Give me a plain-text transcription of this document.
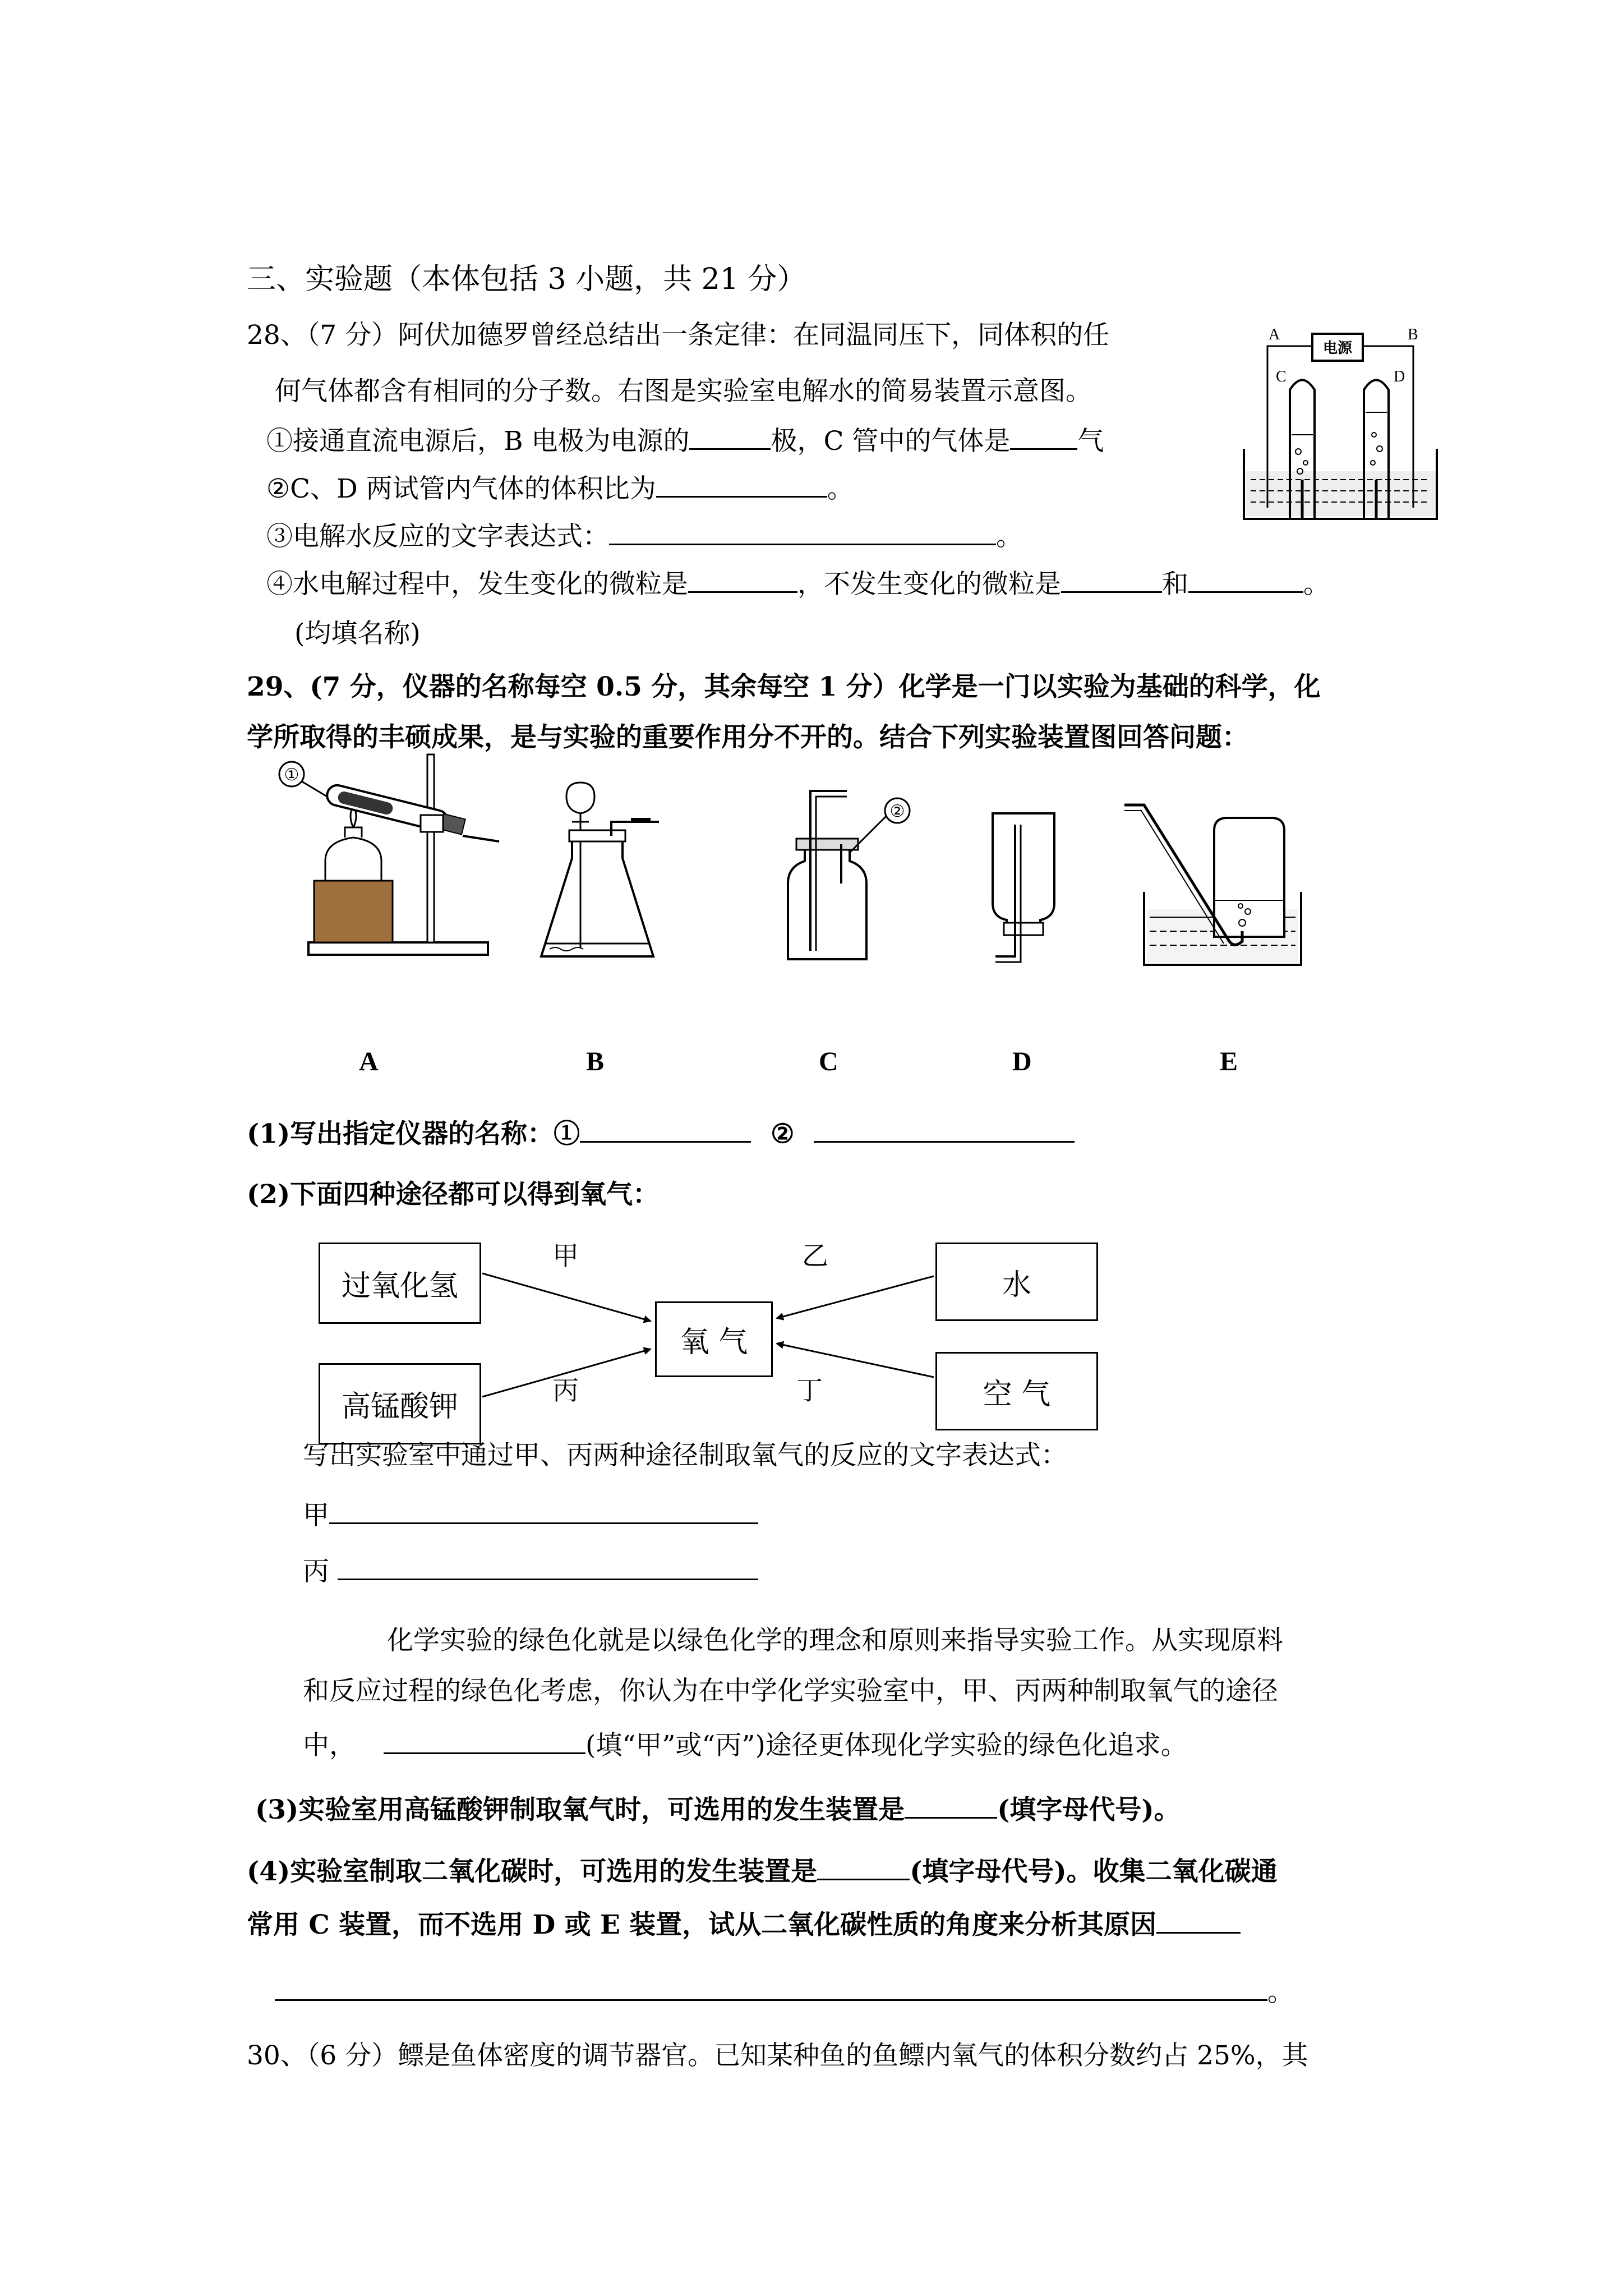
三、实验题（本体包括 3 小题，共 21 分）
28、（7 分）阿伏加德罗曾经总结出一条定律：在同温同压下，同体积的任
何气体都含有相同的分子数。右图是实验室电解水的简易装置示意图。
①接通直流电源后，B 电极为电源的	极，C 管中的气体是	气
②C、D 两试管内气体的体积比为	。
③电解水反应的文字表达式：	。
④水电解过程中，发生变化的微粒是	，不发生变化的微粒是	和	。
(均填名称)
电源
A	B
C	D
29、(7 分，仪器的名称每空 0.5 分，其余每空 1 分）化学是一门以实验为基础的科学，化
学所取得的丰硕成果，是与实验的重要作用分不开的。结合下列实验装置图回答问题：
①
②
A	B	C	D	E
(1)写出指定仪器的名称：①	②
(2)下面四种途径都可以得到氧气：
过氧化氢
高锰酸钾
氧 气
水
空 气
甲
丙
乙
丁
写出实验室中通过甲、丙两种途径制取氧气的反应的文字表达式：
甲
丙
化学实验的绿色化就是以绿色化学的理念和原则来指导实验工作。从实现原料
和反应过程的绿色化考虑，你认为在中学化学实验室中，甲、丙两种制取氧气的途径
中，	(填“甲”或“丙”)途径更体现化学实验的绿色化追求。
(3)实验室用高锰酸钾制取氧气时，可选用的发生装置是	(填字母代号)。
(4)实验室制取二氧化碳时，可选用的发生装置是	(填字母代号)。收集二氧化碳通
常用 C 装置，而不选用 D 或 E 装置，试从二氧化碳性质的角度来分析其原因
。
30、（6 分）鳔是鱼体密度的调节器官。已知某种鱼的鱼鳔内氧气的体积分数约占 25%，其
